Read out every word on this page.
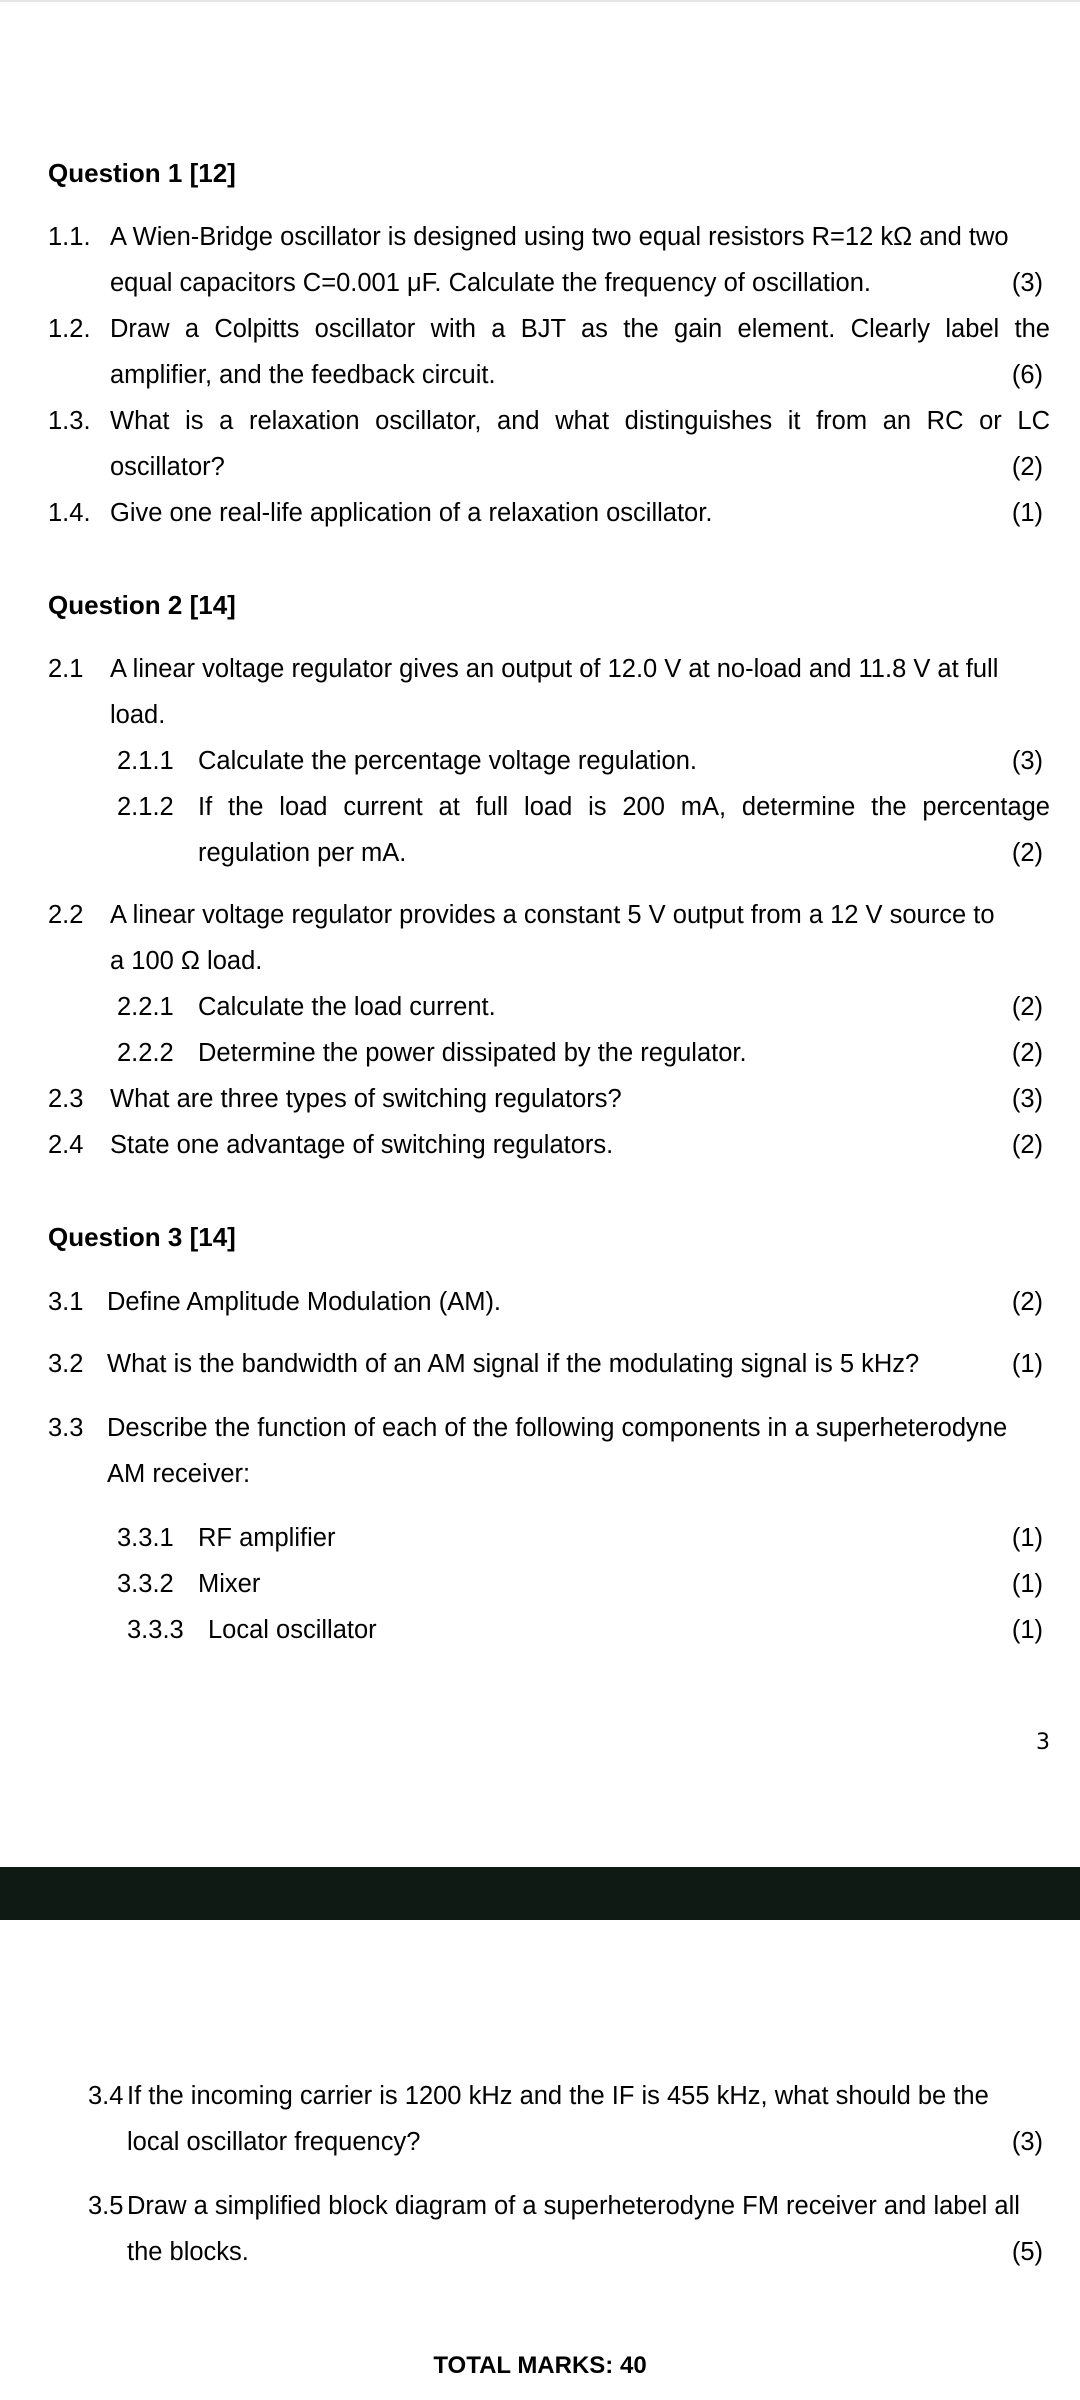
Question 1 [12]
1.1. A Wien-Bridge oscillator is designed using two equal resistors R=12 kΩ and two
equal capacitors C=0.001 μF. Calculate the frequency of oscillation.	(3)
1.2. Draw a Colpitts oscillator with a BJT as the gain element. Clearly label the
amplifier, and the feedback circuit.	(6)
1.3. What is a relaxation oscillator, and what distinguishes it from an RC or LC
oscillator?	(2)
1.4. Give one real-life application of a relaxation oscillator.	(1)
Question 2 [14]
2.1 A linear voltage regulator gives an output of 12.0 V at no-load and 11.8 V at full
load.
2.1.1 Calculate the percentage voltage regulation.	(3)
2.1.2 If the load current at full load is 200 mA, determine the percentage
regulation per mA.	(2)
2.2 A linear voltage regulator provides a constant 5 V output from a 12 V source to
a 100 Ω load.
2.2.1 Calculate the load current.	(2)
2.2.2 Determine the power dissipated by the regulator.	(2)
2.3 What are three types of switching regulators?	(3)
2.4 State one advantage of switching regulators.	(2)
Question 3 [14]
3.1 Define Amplitude Modulation (AM).	(2)
3.2 What is the bandwidth of an AM signal if the modulating signal is 5 kHz?	(1)
3.3 Describe the function of each of the following components in a superheterodyne
AM receiver:
3.3.1 RF amplifier	(1)
3.3.2 Mixer	(1)
3.3.3 Local oscillator	(1)
3
3.4 If the incoming carrier is 1200 kHz and the IF is 455 kHz, what should be the
local oscillator frequency?	(3)
3.5 Draw a simplified block diagram of a superheterodyne FM receiver and label all
the blocks.	(5)
TOTAL MARKS: 40
